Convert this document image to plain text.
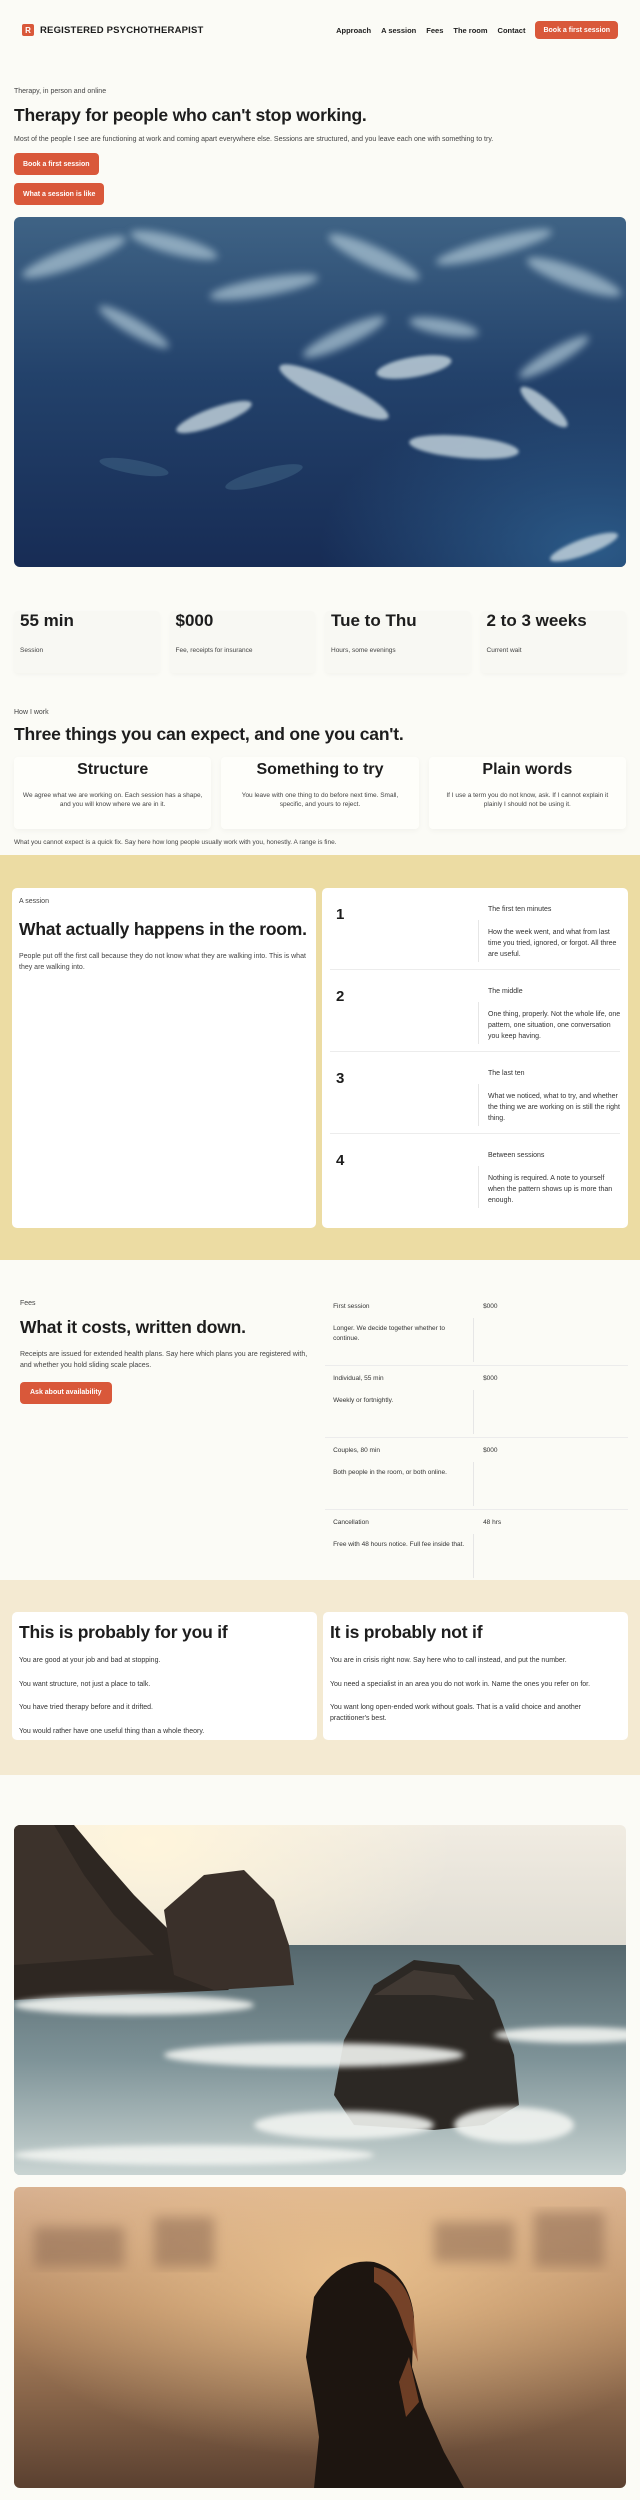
R REGISTERED PSYCHOTHERAPIST	Approach A session Fees The room Contact	Book a first session
Therapy, in person and online
Therapy for people who can't stop working.

Most of the people I see are functioning at work and coming apart everywhere else. Sessions are structured, and you leave each one with something to try.

Book a first session
What a session is like
55 min
Session
$000
Fee, receipts for insurance
Tue to Thu
Hours, some evenings
2 to 3 weeks
Current wait
How I work
Three things you can expect, and one you can't.
Structure

We agree what we are working on. Each session has a shape, and you will know where we are in it.

Something to try

You leave with one thing to do before next time. Small, specific, and yours to reject.

Plain words

If I use a term you do not know, ask. If I cannot explain it plainly I should not be using it.

What you cannot expect is a quick fix. Say here how long people usually work with you, honestly. A range is fine.

A session
What actually happens in the room.

People put off the first call because they do not know what they are walking into. This is what they are walking into.

1	The first ten minutes
How the week went, and what from last time you tried, ignored, or forgot. All three are useful.
2	The middle
One thing, properly. Not the whole life, one pattern, one situation, one conversation you keep having.
3	The last ten
What we noticed, what to try, and whether the thing we are working on is still the right thing.
4	Between sessions
Nothing is required. A note to yourself when the pattern shows up is more than enough.
Fees
What it costs, written down.

Receipts are issued for extended health plans. Say here which plans you are registered with, and whether you hold sliding scale places.

Ask about availability
First session	$000
Longer. We decide together whether to continue.
Individual, 55 min	$000
Weekly or fortnightly.
Couples, 80 min	$000
Both people in the room, or both online.
Cancellation	48 hrs
Free with 48 hours notice. Full fee inside that.
This is probably for you if
You are good at your job and bad at stopping.
You want structure, not just a place to talk.
You have tried therapy before and it drifted.
You would rather have one useful thing than a whole theory.
It is probably not if
You are in crisis right now. Say here who to call instead, and put the number.
You need a specialist in an area you do not work in. Name the ones you refer on for.
You want long open-ended work without goals. That is a valid choice and another practitioner's best.
